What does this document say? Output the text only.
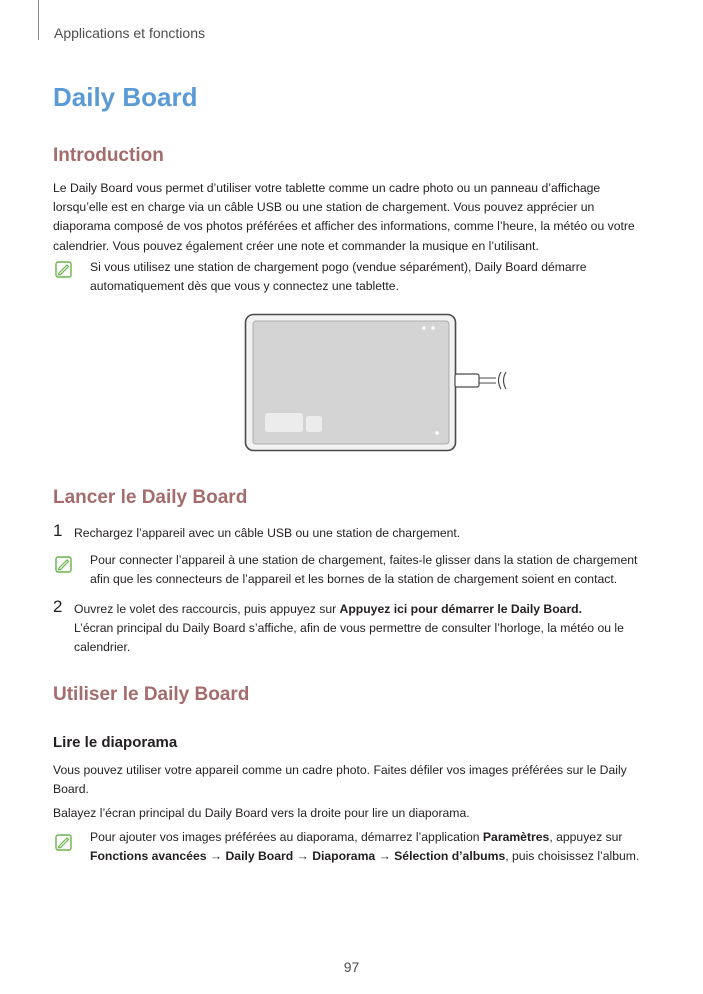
Applications et fonctions
Daily Board
Introduction
Le Daily Board vous permet d’utiliser votre tablette comme un cadre photo ou un panneau d’affichage
lorsqu’elle est en charge via un câble USB ou une station de chargement. Vous pouvez apprécier un
diaporama composé de vos photos préférées et afficher des informations, comme l’heure, la météo ou votre
calendrier. Vous pouvez également créer une note et commander la musique en l’utilisant.
Si vous utilisez une station de chargement pogo (vendue séparément), Daily Board démarre
automatiquement dès que vous y connectez une tablette.
Lancer le Daily Board
1 Rechargez l’appareil avec un câble USB ou une station de chargement.
Pour connecter l’appareil à une station de chargement, faites-le glisser dans la station de chargement
afin que les connecteurs de l’appareil et les bornes de la station de chargement soient en contact.
2 Ouvrez le volet des raccourcis, puis appuyez sur Appuyez ici pour démarrer le Daily Board.
L’écran principal du Daily Board s’affiche, afin de vous permettre de consulter l’horloge, la météo ou le
calendrier.
Utiliser le Daily Board
Lire le diaporama
Vous pouvez utiliser votre appareil comme un cadre photo. Faites défiler vos images préférées sur le Daily
Board.
Balayez l’écran principal du Daily Board vers la droite pour lire un diaporama.
Pour ajouter vos images préférées au diaporama, démarrez l’application Paramètres, appuyez sur
Fonctions avancées → Daily Board → Diaporama → Sélection d’albums, puis choisissez l’album.
97
